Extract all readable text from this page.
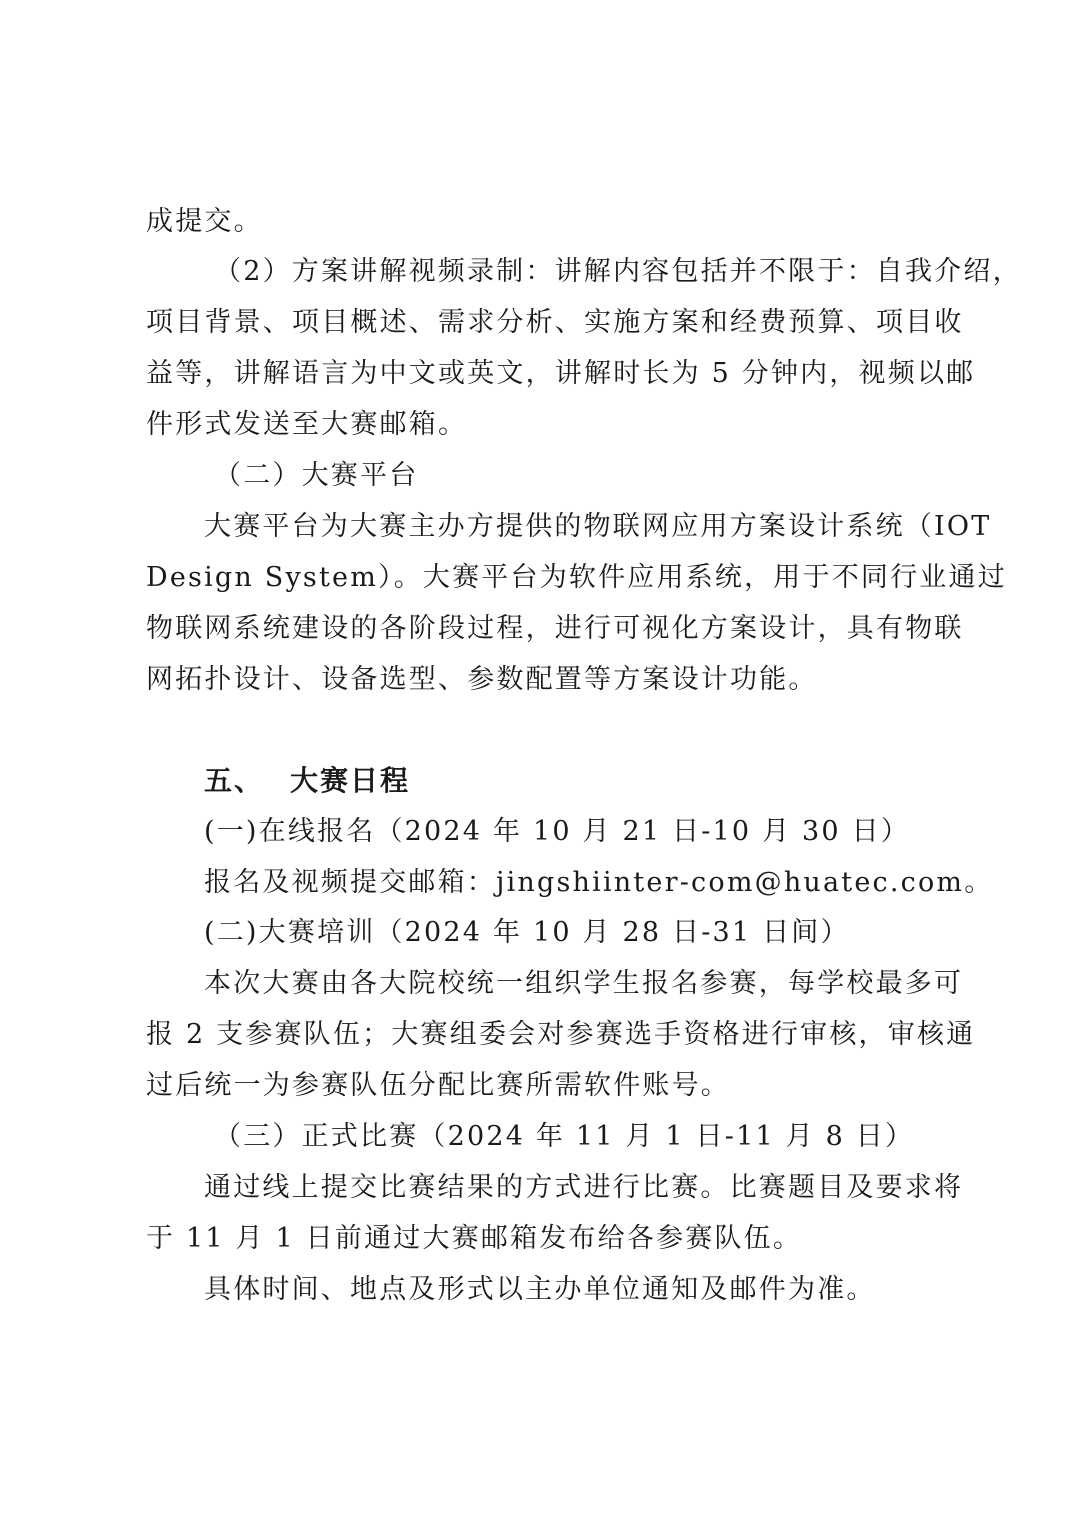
成提交。
（2）方案讲解视频录制：讲解内容包括并不限于：自我介绍，
项目背景、项目概述、需求分析、实施方案和经费预算、项目收
益等，讲解语言为中文或英文，讲解时长为 5 分钟内，视频以邮
件形式发送至大赛邮箱。
（二）大赛平台
大赛平台为大赛主办方提供的物联网应用方案设计系统（IOT
Design System）。大赛平台为软件应用系统，用于不同行业通过
物联网系统建设的各阶段过程，进行可视化方案设计，具有物联
网拓扑设计、设备选型、参数配置等方案设计功能。
五、 大赛日程
(一)在线报名（2024 年 10 月 21 日-10 月 30 日）
报名及视频提交邮箱：jingshiinter-com@huatec.com。
(二)大赛培训（2024 年 10 月 28 日-31 日间）
本次大赛由各大院校统一组织学生报名参赛，每学校最多可
报 2 支参赛队伍；大赛组委会对参赛选手资格进行审核，审核通
过后统一为参赛队伍分配比赛所需软件账号。
（三）正式比赛（2024 年 11 月 1 日-11 月 8 日）
通过线上提交比赛结果的方式进行比赛。比赛题目及要求将
于 11 月 1 日前通过大赛邮箱发布给各参赛队伍。
具体时间、地点及形式以主办单位通知及邮件为准。
